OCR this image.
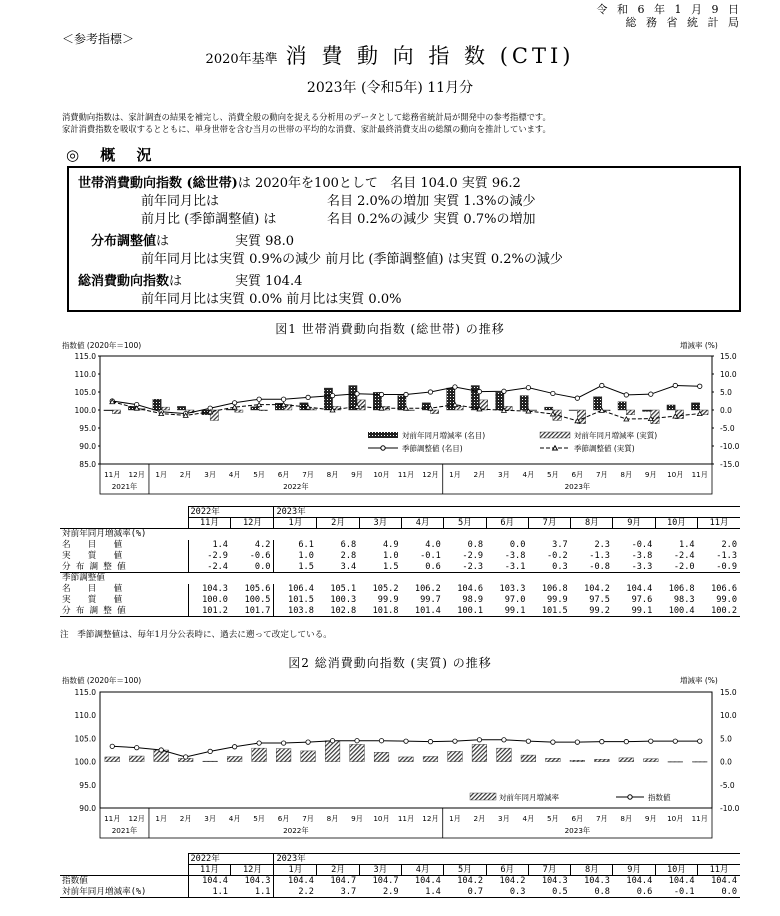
令 和 6 年 1 月 9 日
総 務 省 統 計 局
＜参考指標＞
2020年基準 消 費 動 向 指 数 (CTI)
2023年 (令和5年) 11月分
消費動向指数は、家計調査の結果を補完し、消費全般の動向を捉える分析用のデータとして総務省統計局が開発中の参考指標です。
家計消費指数を吸収するとともに、単身世帯を含む当月の世帯の平均的な消費、家計最終消費支出の総額の動向を推計しています。
◎ 概 況
世帯消費動向指数 (総世帯)は 2020年を100として 名目 104.0 実質 96.2
前年同月比は	名目 2.0%の増加 実質 1.3%の減少
前月比 (季節調整値) は	名目 0.2%の減少 実質 0.7%の増加
分布調整値は	実質 98.0
前年同月比は実質 0.9%の減少 前月比 (季節調整値) は実質 0.2%の減少
総消費動向指数は	実質 104.4
前年同月比は実質 0.0% 前月比は実質 0.0%
図1 世帯消費動向指数 (総世帯) の推移
指数値 (2020年＝100)	増減率 (%)
115.0
110.0
105.0
100.0
95.0
90.0
85.0
15.0
10.0
5.0
0.0
-5.0
-10.0
-15.0
対前年同月増減率 (名目)	対前年同月増減率 (実質)
季節調整値 (名目)	季節調整値 (実質)
11月 12月 1月 2月 3月 4月 5月 6月 7月 8月 9月 10月 11月 12月 1月 2月 3月 4月 5月 6月 7月 8月 9月 10月 11月
2021年	2022年	2023年
	2022年		2023年										
	11月	12月	1月	2月	3月	4月	5月	6月	7月	8月	9月	10月	11月
対前年同月増減率(%)													
名　　目　　値	1.4	4.2	6.1	6.8	4.9	4.0	0.8	0.0	3.7	2.3	-0.4	1.4	2.0
実　　質　　値	-2.9	-0.6	1.0	2.8	1.0	-0.1	-2.9	-3.8	-0.2	-1.3	-3.8	-2.4	-1.3
分 布 調 整 値	-2.4	0.0	1.5	3.4	1.5	0.6	-2.3	-3.1	0.3	-0.8	-3.3	-2.0	-0.9
季節調整値													
名　　目　　値	104.3	105.6	106.4	105.1	105.2	106.2	104.6	103.3	106.8	104.2	104.4	106.8	106.6
実　　質　　値	100.0	100.5	101.5	100.3	99.9	99.7	98.9	97.0	99.9	97.5	97.6	98.3	99.0
分 布 調 整 値	101.2	101.7	103.8	102.8	101.8	101.4	100.1	99.1	101.5	99.2	99.1	100.4	100.2
注　季節調整値は、毎年1月分公表時に、過去に遡って改定している。
図2 総消費動向指数 (実質) の推移
指数値 (2020年＝100)	増減率 (%)
115.0
110.0
105.0
100.0
95.0
90.0
15.0
10.0
5.0
0.0
-5.0
-10.0
対前年同月増減率	指数値
11月 12月 1月 2月 3月 4月 5月 6月 7月 8月 9月 10月 11月 12月 1月 2月 3月 4月 5月 6月 7月 8月 9月 10月 11月
2021年	2022年	2023年
	2022年		2023年										
	11月	12月	1月	2月	3月	4月	5月	6月	7月	8月	9月	10月	11月
指数値	104.4	104.3	104.4	104.7	104.7	104.4	104.2	104.2	104.3	104.3	104.4	104.4	104.4
対前年同月増減率(%)	1.1	1.1	2.2	3.7	2.9	1.4	0.7	0.3	0.5	0.8	0.6	-0.1	0.0
